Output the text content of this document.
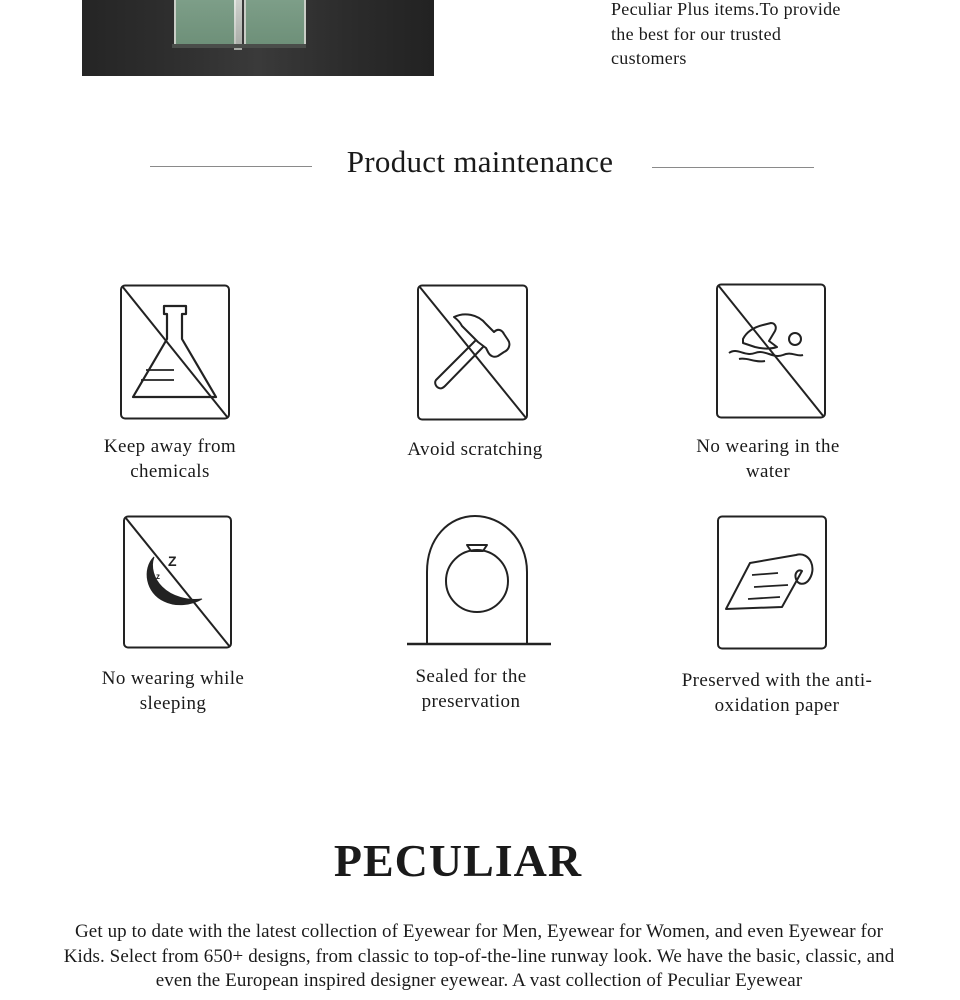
Peculiar Plus items.To provide the best for our trusted customers
Product maintenance
Keep away from chemicals
Avoid scratching	No wearing in the water
Z
z
No wearing while sleeping
Sealed for the preservation
Preserved with the anti-oxidation paper
PECULIAR
Get up to date with the latest collection of Eyewear for Men, Eyewear for Women, and even Eyewear for Kids. Select from 650+ designs, from classic to top-of-the-line runway look. We have the basic, classic, and even the European inspired designer eyewear. A vast collection of Peculiar Eyewear
